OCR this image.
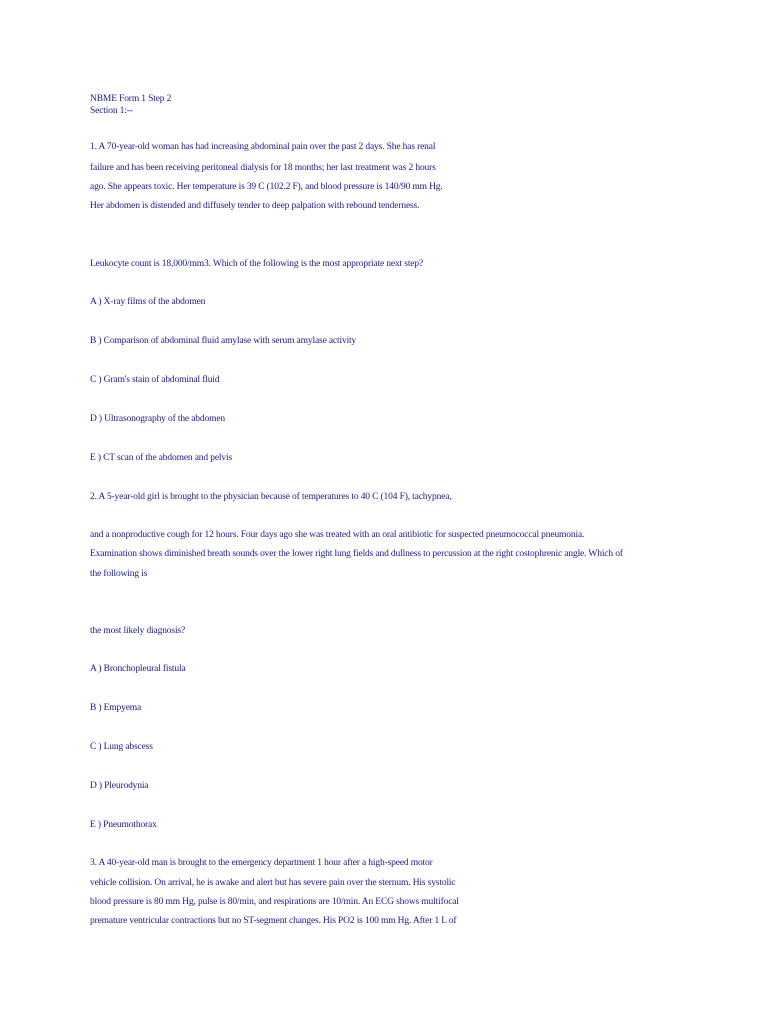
NBME Form 1 Step 2
Section 1:--
1. A 70-year-old woman has had increasing abdominal pain over the past 2 days. She has renal
failure and has been receiving peritoneal dialysis for 18 months; her last treatment was 2 hours
ago. She appears toxic. Her temperature is 39 C (102.2 F), and blood pressure is 140/90 mm Hg.
Her abdomen is distended and diffusely tender to deep palpation with rebound tenderness.
Leukocyte count is 18,000/mm3. Which of the following is the most appropriate next step?
A ) X-ray films of the abdomen
B ) Comparison of abdominal fluid amylase with serum amylase activity
C ) Gram's stain of abdominal fluid
D ) Ultrasonography of the abdomen
E ) CT scan of the abdomen and pelvis
2. A 5-year-old girl is brought to the physician because of temperatures to 40 C (104 F), tachypnea,
and a nonproductive cough for 12 hours. Four days ago she was treated with an oral antibiotic for suspected pneumococcal pneumonia.
Examination shows diminished breath sounds over the lower right lung fields and dullness to percussion at the right costophrenic angle. Which of
the following is
the most likely diagnosis?
A ) Bronchopleural fistula
B ) Empyema
C ) Lung abscess
D ) Pleurodynia
E ) Pneumothorax
3. A 40-year-old man is brought to the emergency department 1 hour after a high-speed motor
vehicle collision. On arrival, he is awake and alert but has severe pain over the sternum. His systolic
blood pressure is 80 mm Hg, pulse is 80/min, and respirations are 10/min. An ECG shows multifocal
premature ventricular contractions but no ST-segment changes. His PO2 is 100 mm Hg. After 1 L of
